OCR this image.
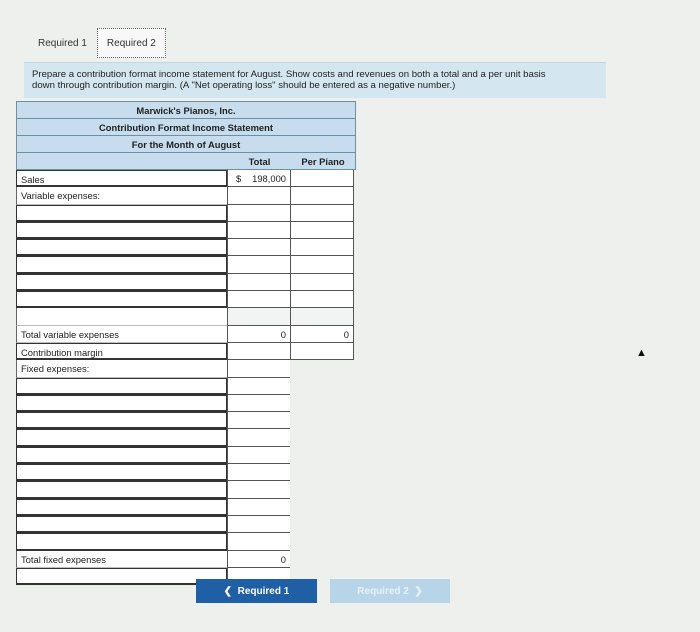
Required 1	Required 2
Prepare a contribution format income statement for August. Show costs and revenues on both a total and a per unit basis
down through contribution margin. (A "Net operating loss" should be entered as a negative number.)
Marwick's Pianos, Inc.
Contribution Format Income Statement
For the Month of August
Total	Per Piano
Sales	$ 198,000
Variable expenses:
Total variable expenses	0	0
Contribution margin
Fixed expenses:
Total fixed expenses	0
❮ Required 1	Required 2 ❯
▲
